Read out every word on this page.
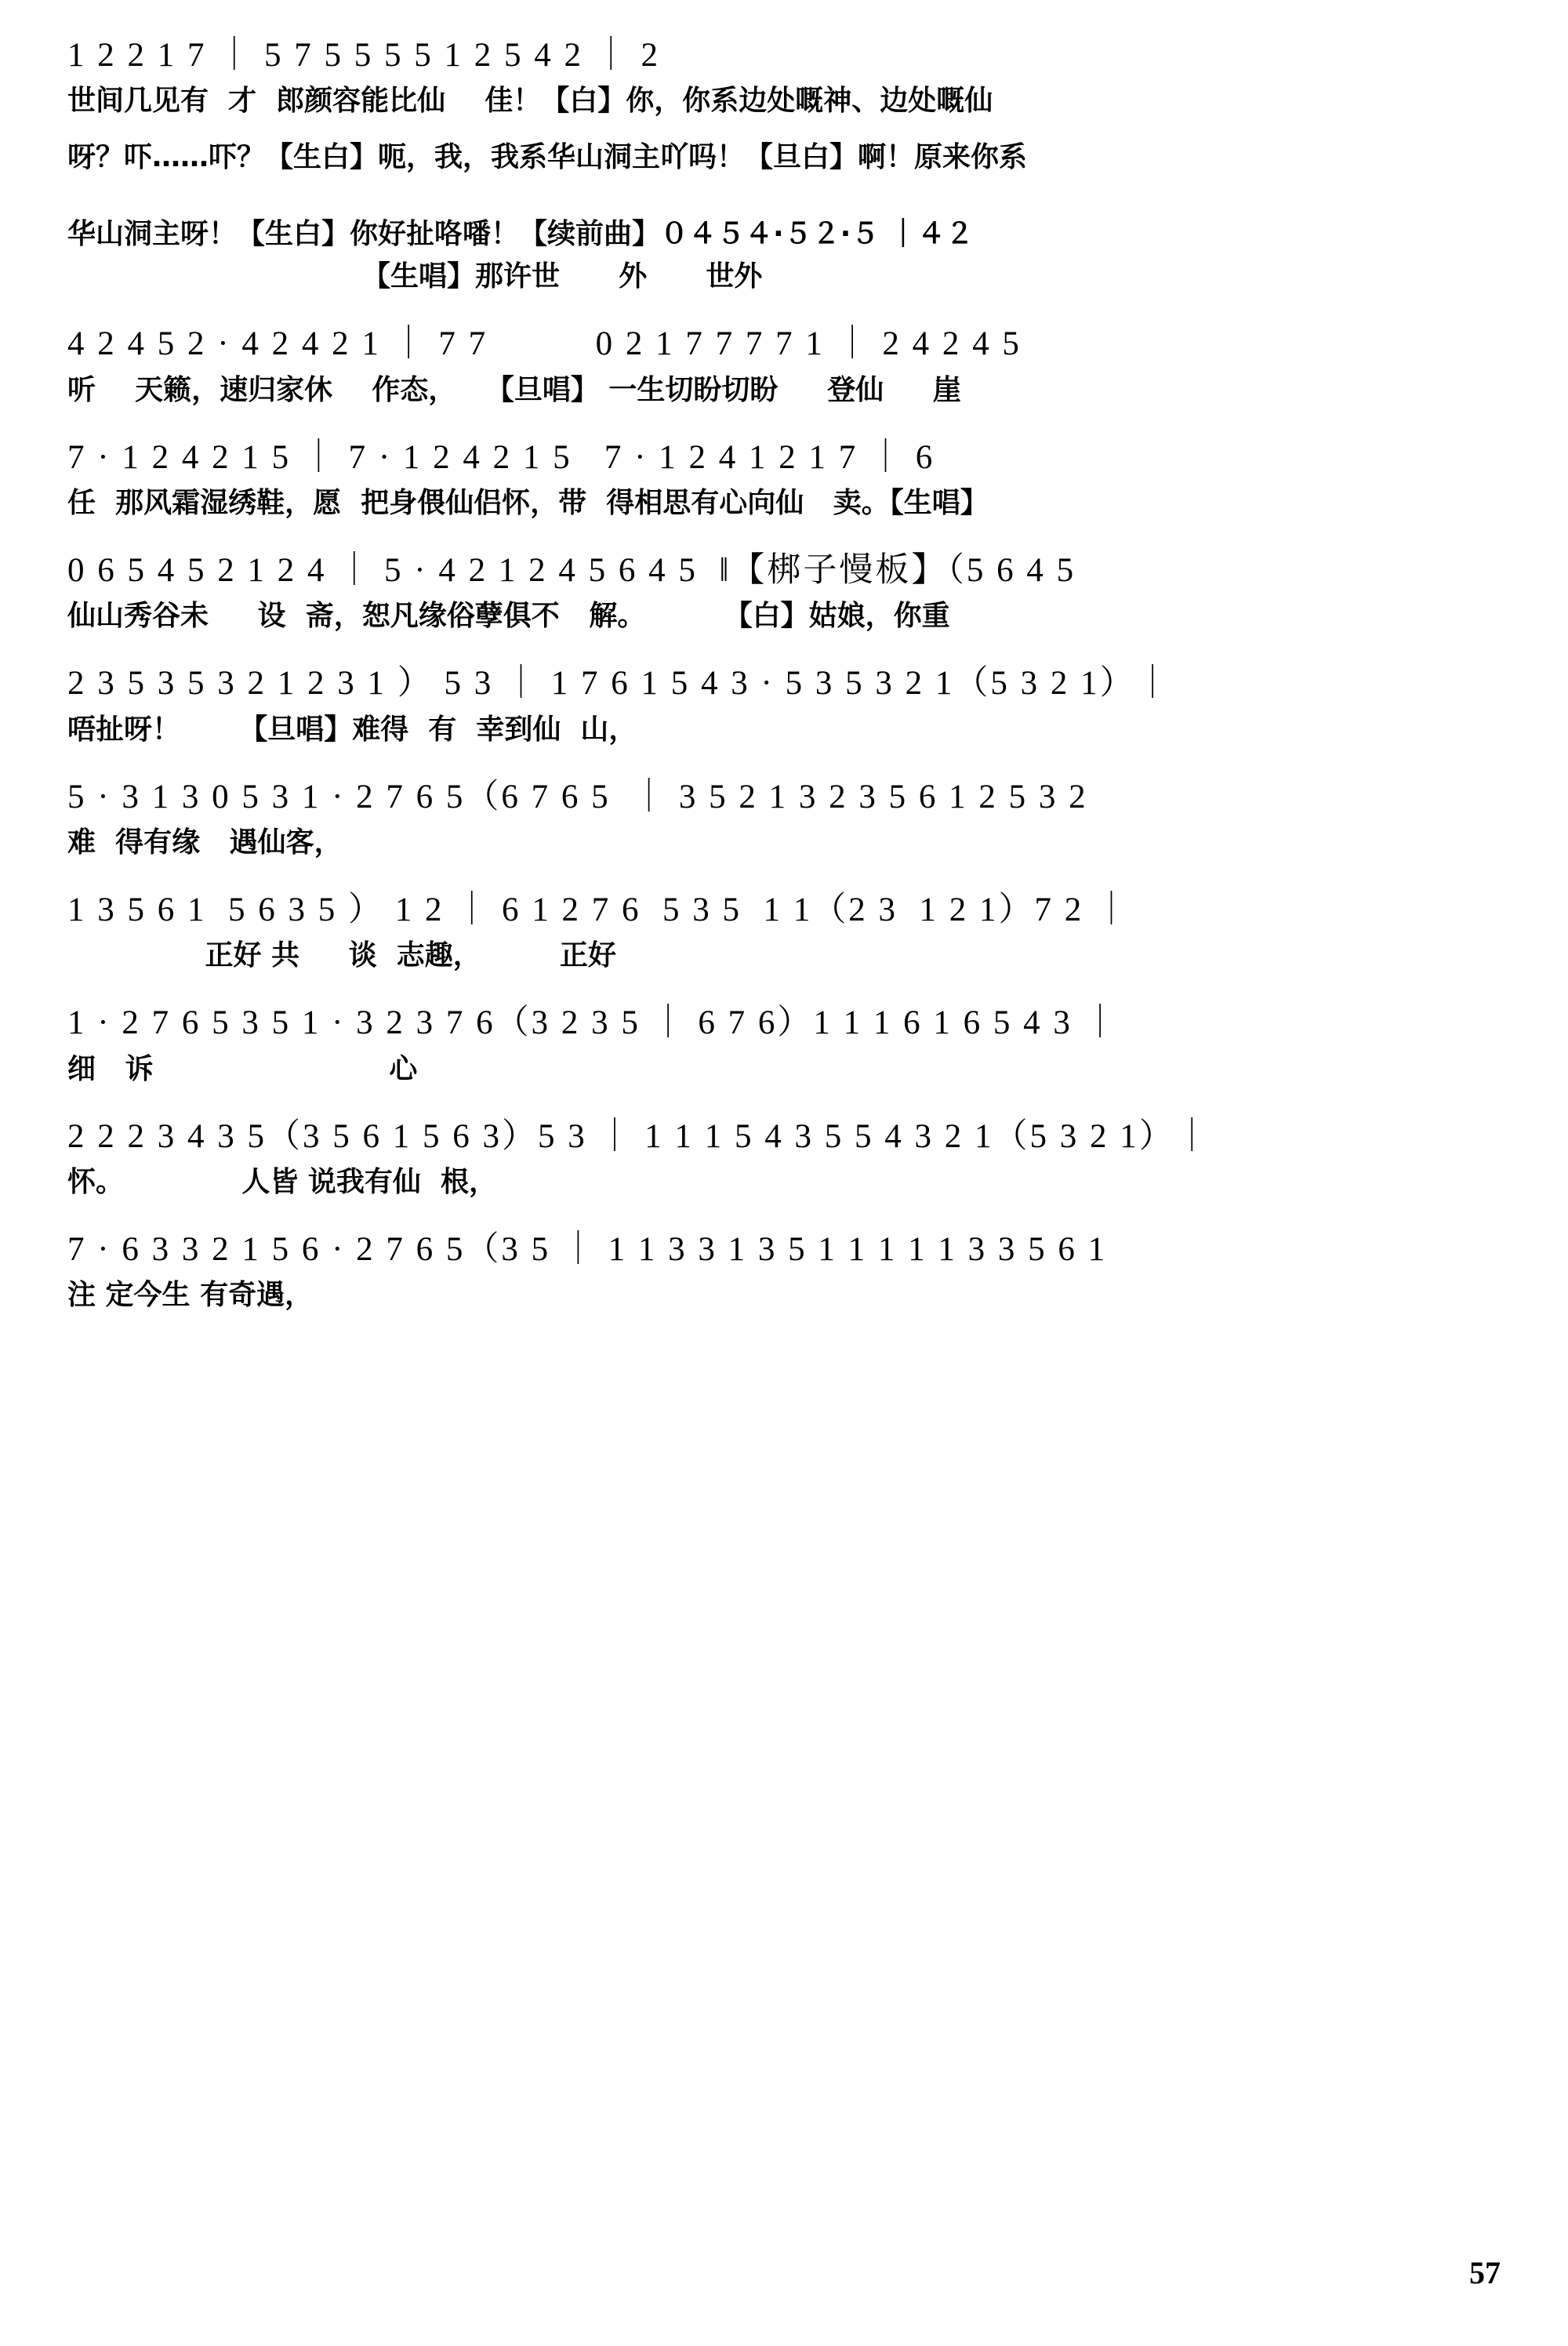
1 2 2 1 7 ｜ 5 7 5 5 5 5 1 2 5 4 2 ｜ 2
世间几见有  才  郎颜容能比仙    佳！【白】你，你系边处嘅神、边处嘅仙
呀？吓……吓？【生白】呃，我，我系华山洞主吖吗！【旦白】啊！原来你系
华山洞主呀！【生白】你好扯咯噃！【续前曲】０４５４·５２·５ ｜４２
【生唱】那许世      外      世外
4 2 4 5 2 · 4 2 4 2 1 ｜ 7 7          0 2 1 7 7 7 7 1 ｜ 2 4 2 4 5
听    天籁，速归家休    作态，   【旦唱】 一生切盼切盼     登仙     崖
7 · 1 2 4 2 1 5 ｜ 7 · 1 2 4 2 1 5   7 · 1 2 4 1 2 1 7 ｜ 6
任  那风霜湿绣鞋，愿  把身偎仙侣怀，带  得相思有心向仙   卖。【生唱】
0 6 5 4 5 2 1 2 4 ｜ 5 · 4 2 1 2 4 5 6 4 5  ‖【梆子慢板】（5 6 4 5
仙山秀谷未     设  斋，恕凡缘俗孽俱不   解。        【白】姑娘，你重
2 3 5 3 5 3 2 1 2 3 1 ） 5 3 ｜ 1 7 6 1 5 4 3 · 5 3 5 3 2 1（5 3 2 1）｜
唔扯呀！      【旦唱】难得  有  幸到仙  山，
5 · 3 1 3 0 5 3 1 · 2 7 6 5（6 7 6 5  ｜ 3 5 2 1 3 2 3 5 6 1 2 5 3 2
难  得有缘   遇仙客，
1 3 5 6 1  5 6 3 5 ） 1 2 ｜ 6 1 2 7 6  5 3 5  1 1（2 3  1 2 1）7 2 ｜
正好 共     谈  志趣，        正好
1 · 2 7 6 5 3 5 1 · 3 2 3 7 6（3 2 3 5 ｜ 6 7 6）1 1 1 6 1 6 5 4 3 ｜
细   诉                        心
2 2 2 3 4 3 5（3 5 6 1 5 6 3）5 3 ｜ 1 1 1 5 4 3 5 5 4 3 2 1（5 3 2 1）｜
怀。            人皆 说我有仙  根，
7 · 6 3 3 2 1 5 6 · 2 7 6 5（3 5 ｜ 1 1 3 3 1 3 5 1 1 1 1 1 3 3 5 6 1
注 定今生 有奇遇，
57
